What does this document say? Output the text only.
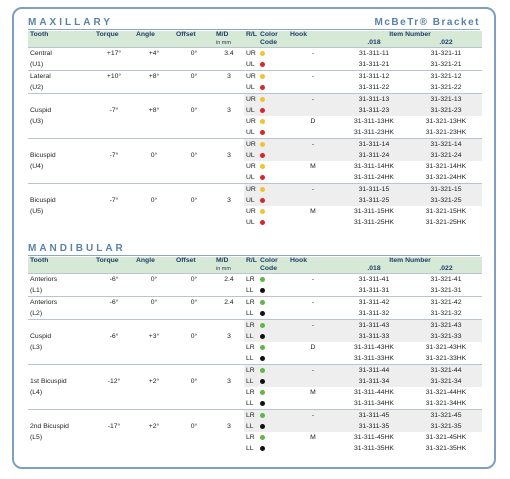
MAXILLARY	McBeTr® Bracket
Tooth	Torque	Angle	Offset	M/D
in mm	R/L	Color
Code	Hook	Item Number	
								.018	.022
Central	+17°	+4°	0°	3.4	UR		-	31-311-11	31-321-11
(U1)					UL			31-311-21	31-321-21
Lateral	+10°	+8°	0°	3	UR		-	31-311-12	31-321-12
(U2)					UL			31-311-22	31-321-22
					UR		-	31-311-13	31-321-13
Cuspid	-7°	+8°	0°	3	UL			31-311-23	31-321-23
(U3)					UR		D	31-311-13HK	31-321-13HK
					UL			31-311-23HK	31-321-23HK
					UR		-	31-311-14	31-321-14
Bicuspid	-7°	0°	0°	3	UL			31-311-24	31-321-24
(U4)					UR		M	31-311-14HK	31-321-14HK
					UL			31-311-24HK	31-321-24HK
					UR		-	31-311-15	31-321-15
Bicuspid	-7°	0°	0°	3	UL			31-311-25	31-321-25
(U5)					UR		M	31-311-15HK	31-321-15HK
					UL			31-311-25HK	31-321-25HK
MANDIBULAR
Tooth	Torque	Angle	Offset	M/D
in mm	R/L	Color
Code	Hook	Item Number	
								.018	.022
Anteriors	-6°	0°	0°	2.4	LR		-	31-311-41	31-321-41
(L1)					LL			31-311-31	31-321-31
Anteriors	-6°	0°	0°	2.4	LR		-	31-311-42	31-321-42
(L2)					LL			31-311-32	31-321-32
					LR		-	31-311-43	31-321-43
Cuspid	-6°	+3°	0°	3	LL			31-311-33	31-321-33
(L3)					LR		D	31-311-43HK	31-321-43HK
					LL			31-311-33HK	31-321-33HK
					LR		-	31-311-44	31-321-44
1st Bicuspid	-12°	+2°	0°	3	LL			31-311-34	31-321-34
(L4)					LR		M	31-311-44HK	31-321-44HK
					LL			31-311-34HK	31-321-34HK
					LR		-	31-311-45	31-321-45
2nd Bicuspid	-17°	+2°	0°	3	LL			31-311-35	31-321-35
(L5)					LR		M	31-311-45HK	31-321-45HK
					LL			31-311-35HK	31-321-35HK
